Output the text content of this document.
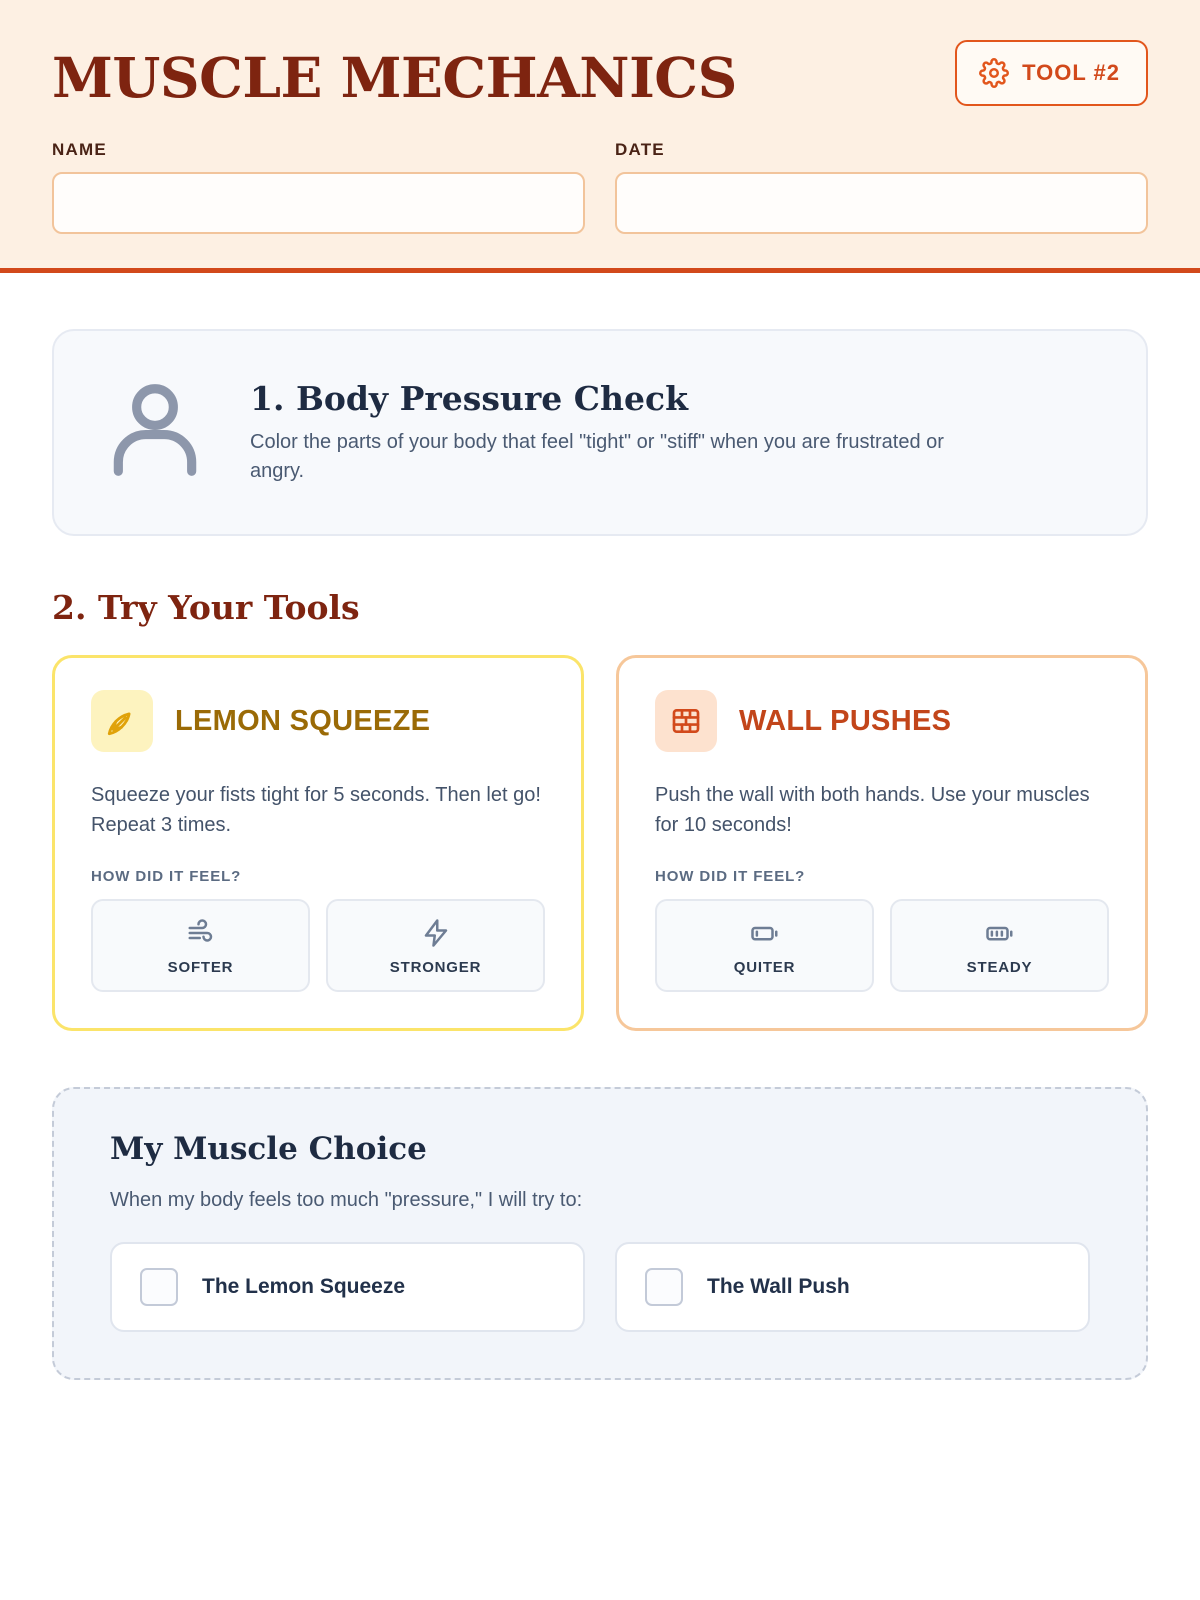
MUSCLE MECHANICS	TOOL #2
NAME	DATE
1. Body Pressure Check
Color the parts of your body that feel "tight" or "stiff" when you are frustrated or angry.
2. Try Your Tools
LEMON SQUEEZE
Squeeze your fists tight for 5 seconds. Then let go! Repeat 3 times.
HOW DID IT FEEL?
SOFTER	STRONGER
WALL PUSHES
Push the wall with both hands. Use your muscles for 10 seconds!
HOW DID IT FEEL?
QUITER	STEADY
My Muscle Choice
When my body feels too much "pressure," I will try to:
The Lemon Squeeze	The Wall Push
